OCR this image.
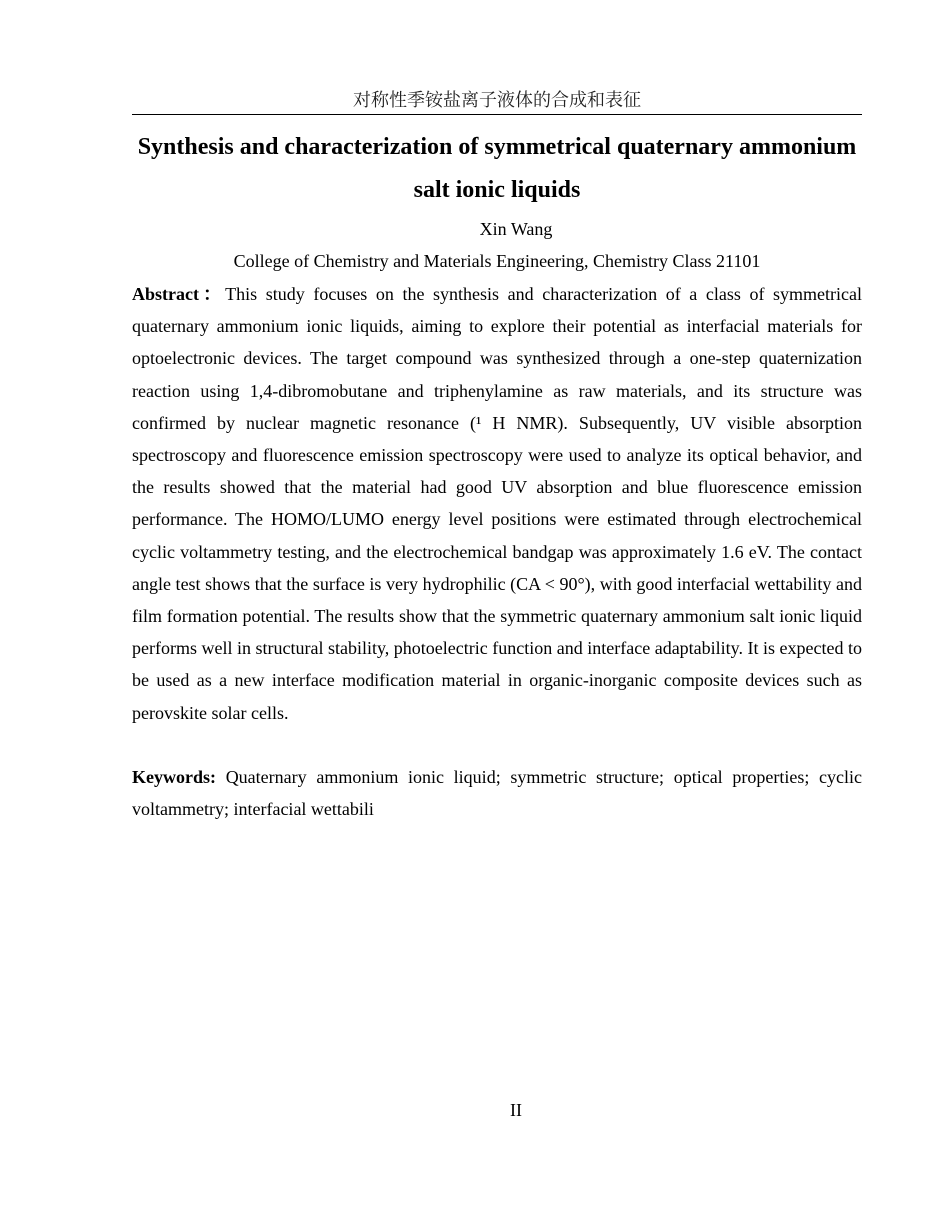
对称性季铵盐离子液体的合成和表征
Synthesis and characterization of symmetrical quaternary ammonium salt ionic liquids
Xin Wang
College of Chemistry and Materials Engineering, Chemistry Class 21101

Abstract：This study focuses on the synthesis and characterization of a class of symmetrical quaternary ammonium ionic liquids, aiming to explore their potential as interfacial materials for optoelectronic devices. The target compound was synthesized through a one-step quaternization reaction using 1,4-dibromobutane and triphenylamine as raw materials, and its structure was confirmed by nuclear magnetic resonance (¹ H NMR). Subsequently, UV visible absorption spectroscopy and fluorescence emission spectroscopy were used to analyze its optical behavior, and the results showed that the material had good UV absorption and blue fluorescence emission performance. The HOMO/LUMO energy level positions were estimated through electrochemical cyclic voltammetry testing, and the electrochemical bandgap was approximately 1.6 eV. The contact angle test shows that the surface is very hydrophilic (CA < 90°), with good interfacial wettability and film formation potential. The results show that the symmetric quaternary ammonium salt ionic liquid performs well in structural stability, photoelectric function and interface adaptability. It is expected to be used as a new interface modification material in organic-inorganic composite devices such as perovskite solar cells.

Keywords: Quaternary ammonium ionic liquid; symmetric structure; optical properties; cyclic voltammetry; interfacial wettabili

II
